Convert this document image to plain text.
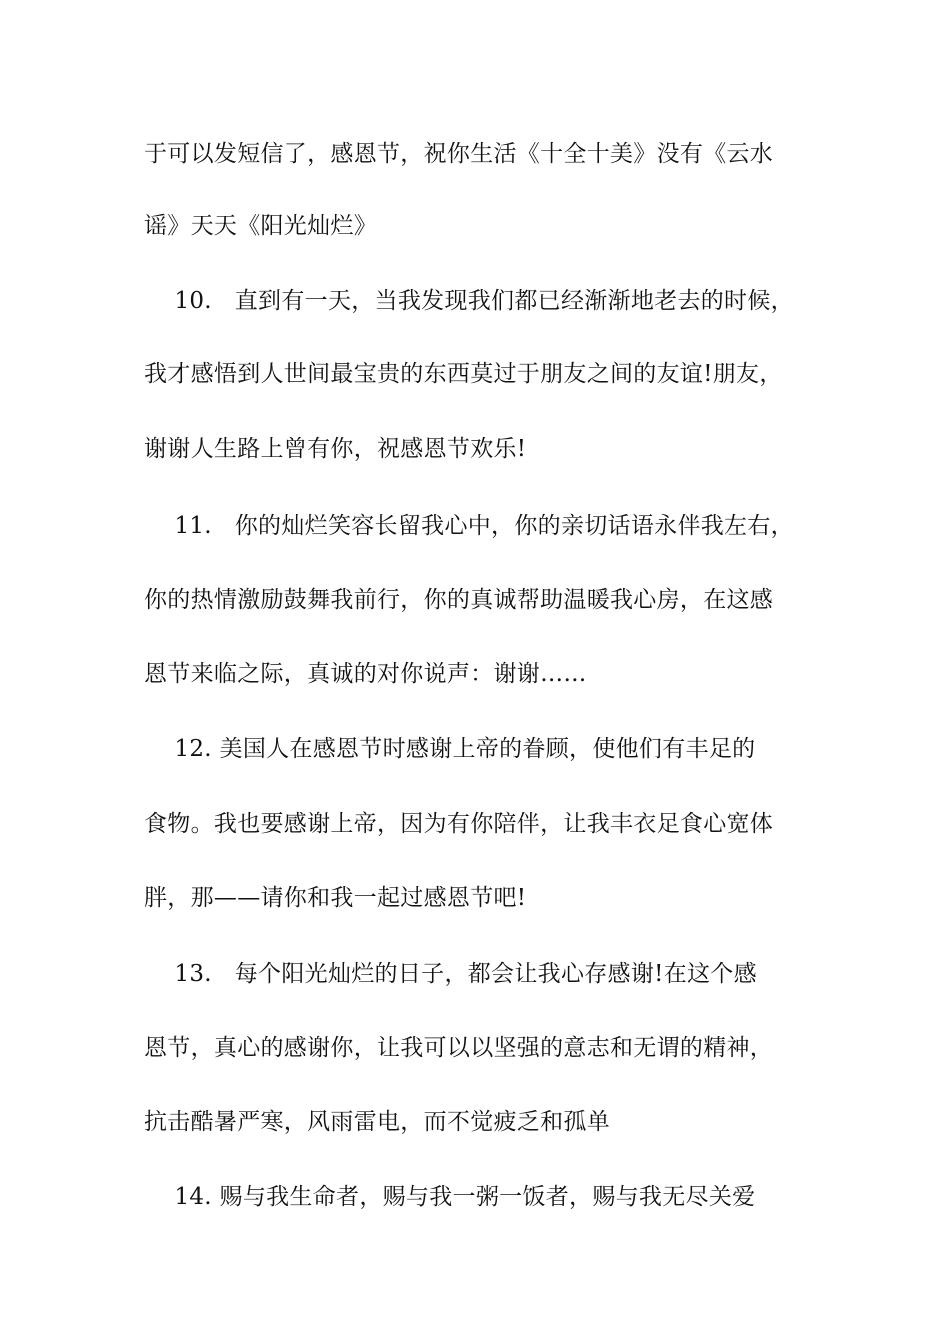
于可以发短信了，感恩节，祝你生活《十全十美》没有《云水
谣》天天《阳光灿烂》
10.   直到有一天，当我发现我们都已经渐渐地老去的时候，
我才感悟到人世间最宝贵的东西莫过于朋友之间的友谊!朋友，
谢谢人生路上曾有你，祝感恩节欢乐!
11.   你的灿烂笑容长留我心中，你的亲切话语永伴我左右，
你的热情激励鼓舞我前行，你的真诚帮助温暖我心房，在这感
恩节来临之际，真诚的对你说声：谢谢……
12. 美国人在感恩节时感谢上帝的眷顾，使他们有丰足的
食物。我也要感谢上帝，因为有你陪伴，让我丰衣足食心宽体
胖，那——请你和我一起过感恩节吧!
13.   每个阳光灿烂的日子，都会让我心存感谢!在这个感
恩节，真心的感谢你，让我可以以坚强的意志和无谓的精神，
抗击酷暑严寒，风雨雷电，而不觉疲乏和孤单
14. 赐与我生命者，赐与我一粥一饭者，赐与我无尽关爱
